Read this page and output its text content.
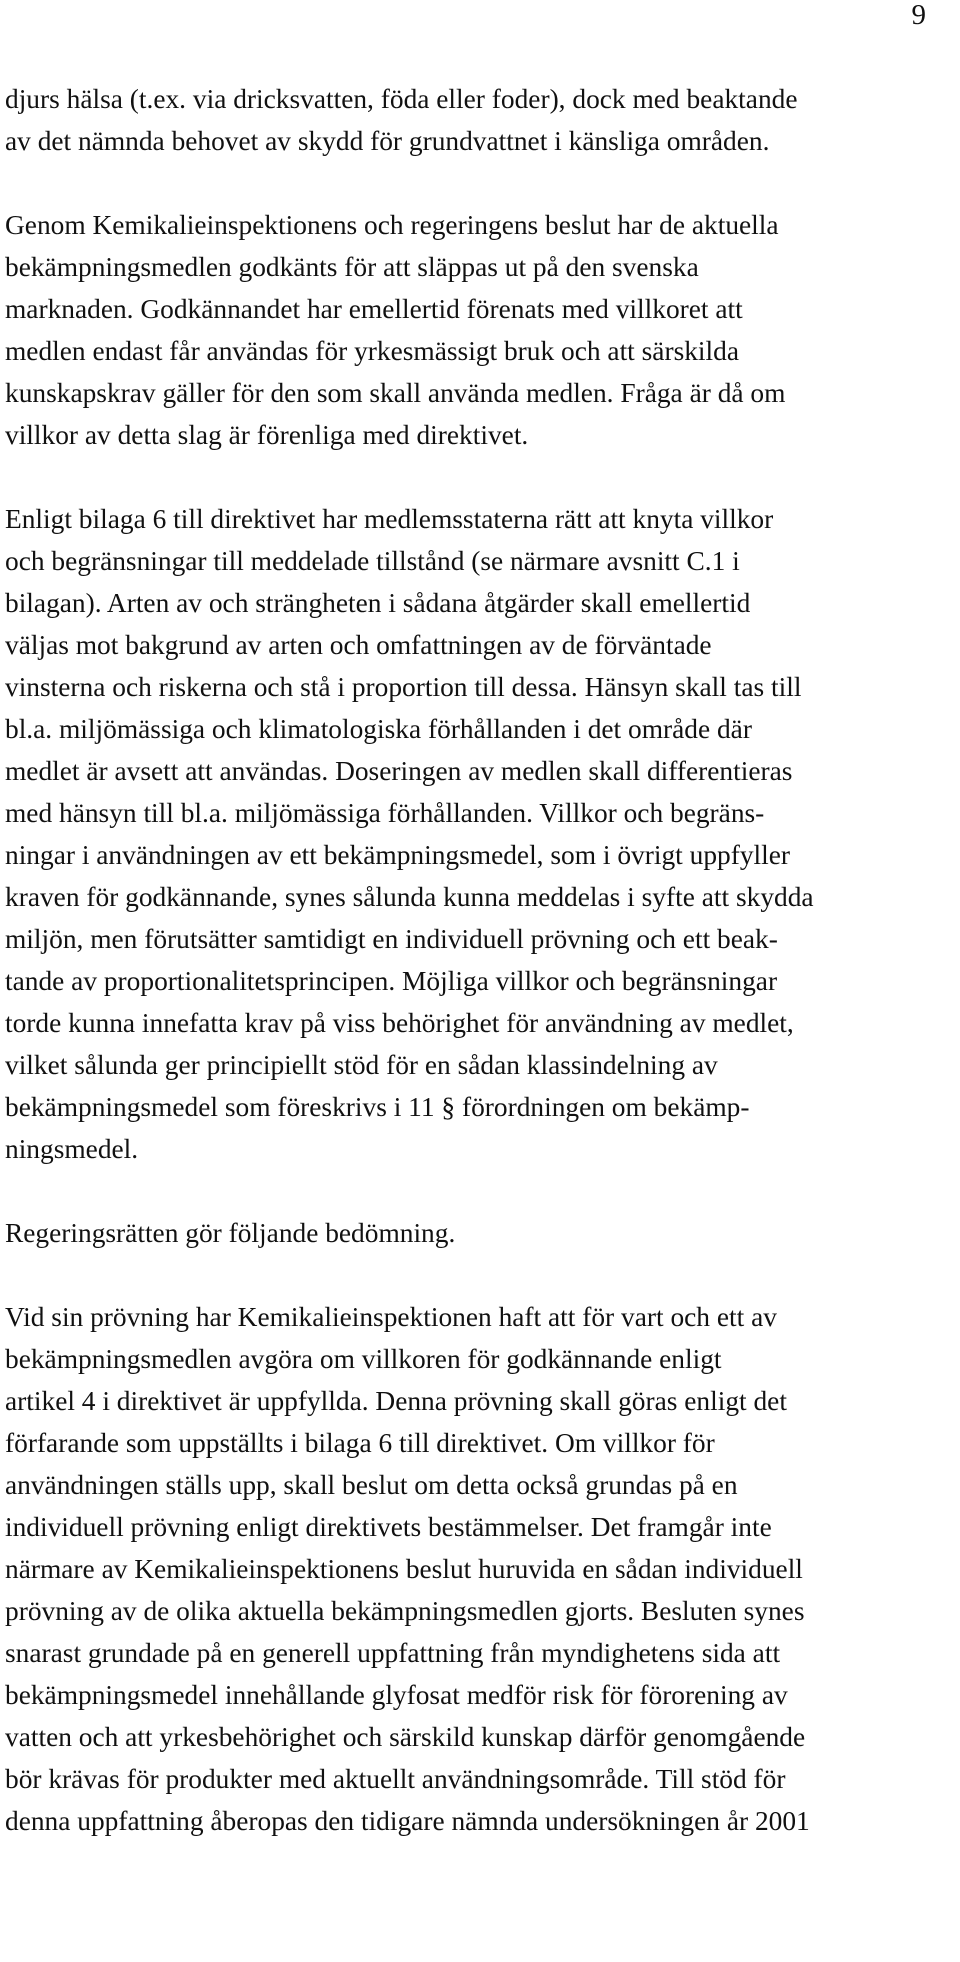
9
djurs hälsa (t.ex. via dricksvatten, föda eller foder), dock med beaktande
av det nämnda behovet av skydd för grundvattnet i känsliga områden.
Genom Kemikalieinspektionens och regeringens beslut har de aktuella
bekämpningsmedlen godkänts för att släppas ut på den svenska
marknaden. Godkännandet har emellertid förenats med villkoret att
medlen endast får användas för yrkesmässigt bruk och att särskilda
kunskapskrav gäller för den som skall använda medlen. Fråga är då om
villkor av detta slag är förenliga med direktivet.
Enligt bilaga 6 till direktivet har medlemsstaterna rätt att knyta villkor
och begränsningar till meddelade tillstånd (se närmare avsnitt C.1 i
bilagan). Arten av och strängheten i sådana åtgärder skall emellertid
väljas mot bakgrund av arten och omfattningen av de förväntade
vinsterna och riskerna och stå i proportion till dessa. Hänsyn skall tas till
bl.a. miljömässiga och klimatologiska förhållanden i det område där
medlet är avsett att användas. Doseringen av medlen skall differentieras
med hänsyn till bl.a. miljömässiga förhållanden. Villkor och begräns-
ningar i användningen av ett bekämpningsmedel, som i övrigt uppfyller
kraven för godkännande, synes sålunda kunna meddelas i syfte att skydda
miljön, men förutsätter samtidigt en individuell prövning och ett beak-
tande av proportionalitetsprincipen. Möjliga villkor och begränsningar
torde kunna innefatta krav på viss behörighet för användning av medlet,
vilket sålunda ger principiellt stöd för en sådan klassindelning av
bekämpningsmedel som föreskrivs i 11 § förordningen om bekämp-
ningsmedel.
Regeringsrätten gör följande bedömning.
Vid sin prövning har Kemikalieinspektionen haft att för vart och ett av
bekämpningsmedlen avgöra om villkoren för godkännande enligt
artikel 4 i direktivet är uppfyllda. Denna prövning skall göras enligt det
förfarande som uppställts i bilaga 6 till direktivet. Om villkor för
användningen ställs upp, skall beslut om detta också grundas på en
individuell prövning enligt direktivets bestämmelser. Det framgår inte
närmare av Kemikalieinspektionens beslut huruvida en sådan individuell
prövning av de olika aktuella bekämpningsmedlen gjorts. Besluten synes
snarast grundade på en generell uppfattning från myndighetens sida att
bekämpningsmedel innehållande glyfosat medför risk för förorening av
vatten och att yrkesbehörighet och särskild kunskap därför genomgående
bör krävas för produkter med aktuellt användningsområde. Till stöd för
denna uppfattning åberopas den tidigare nämnda undersökningen år 2001
